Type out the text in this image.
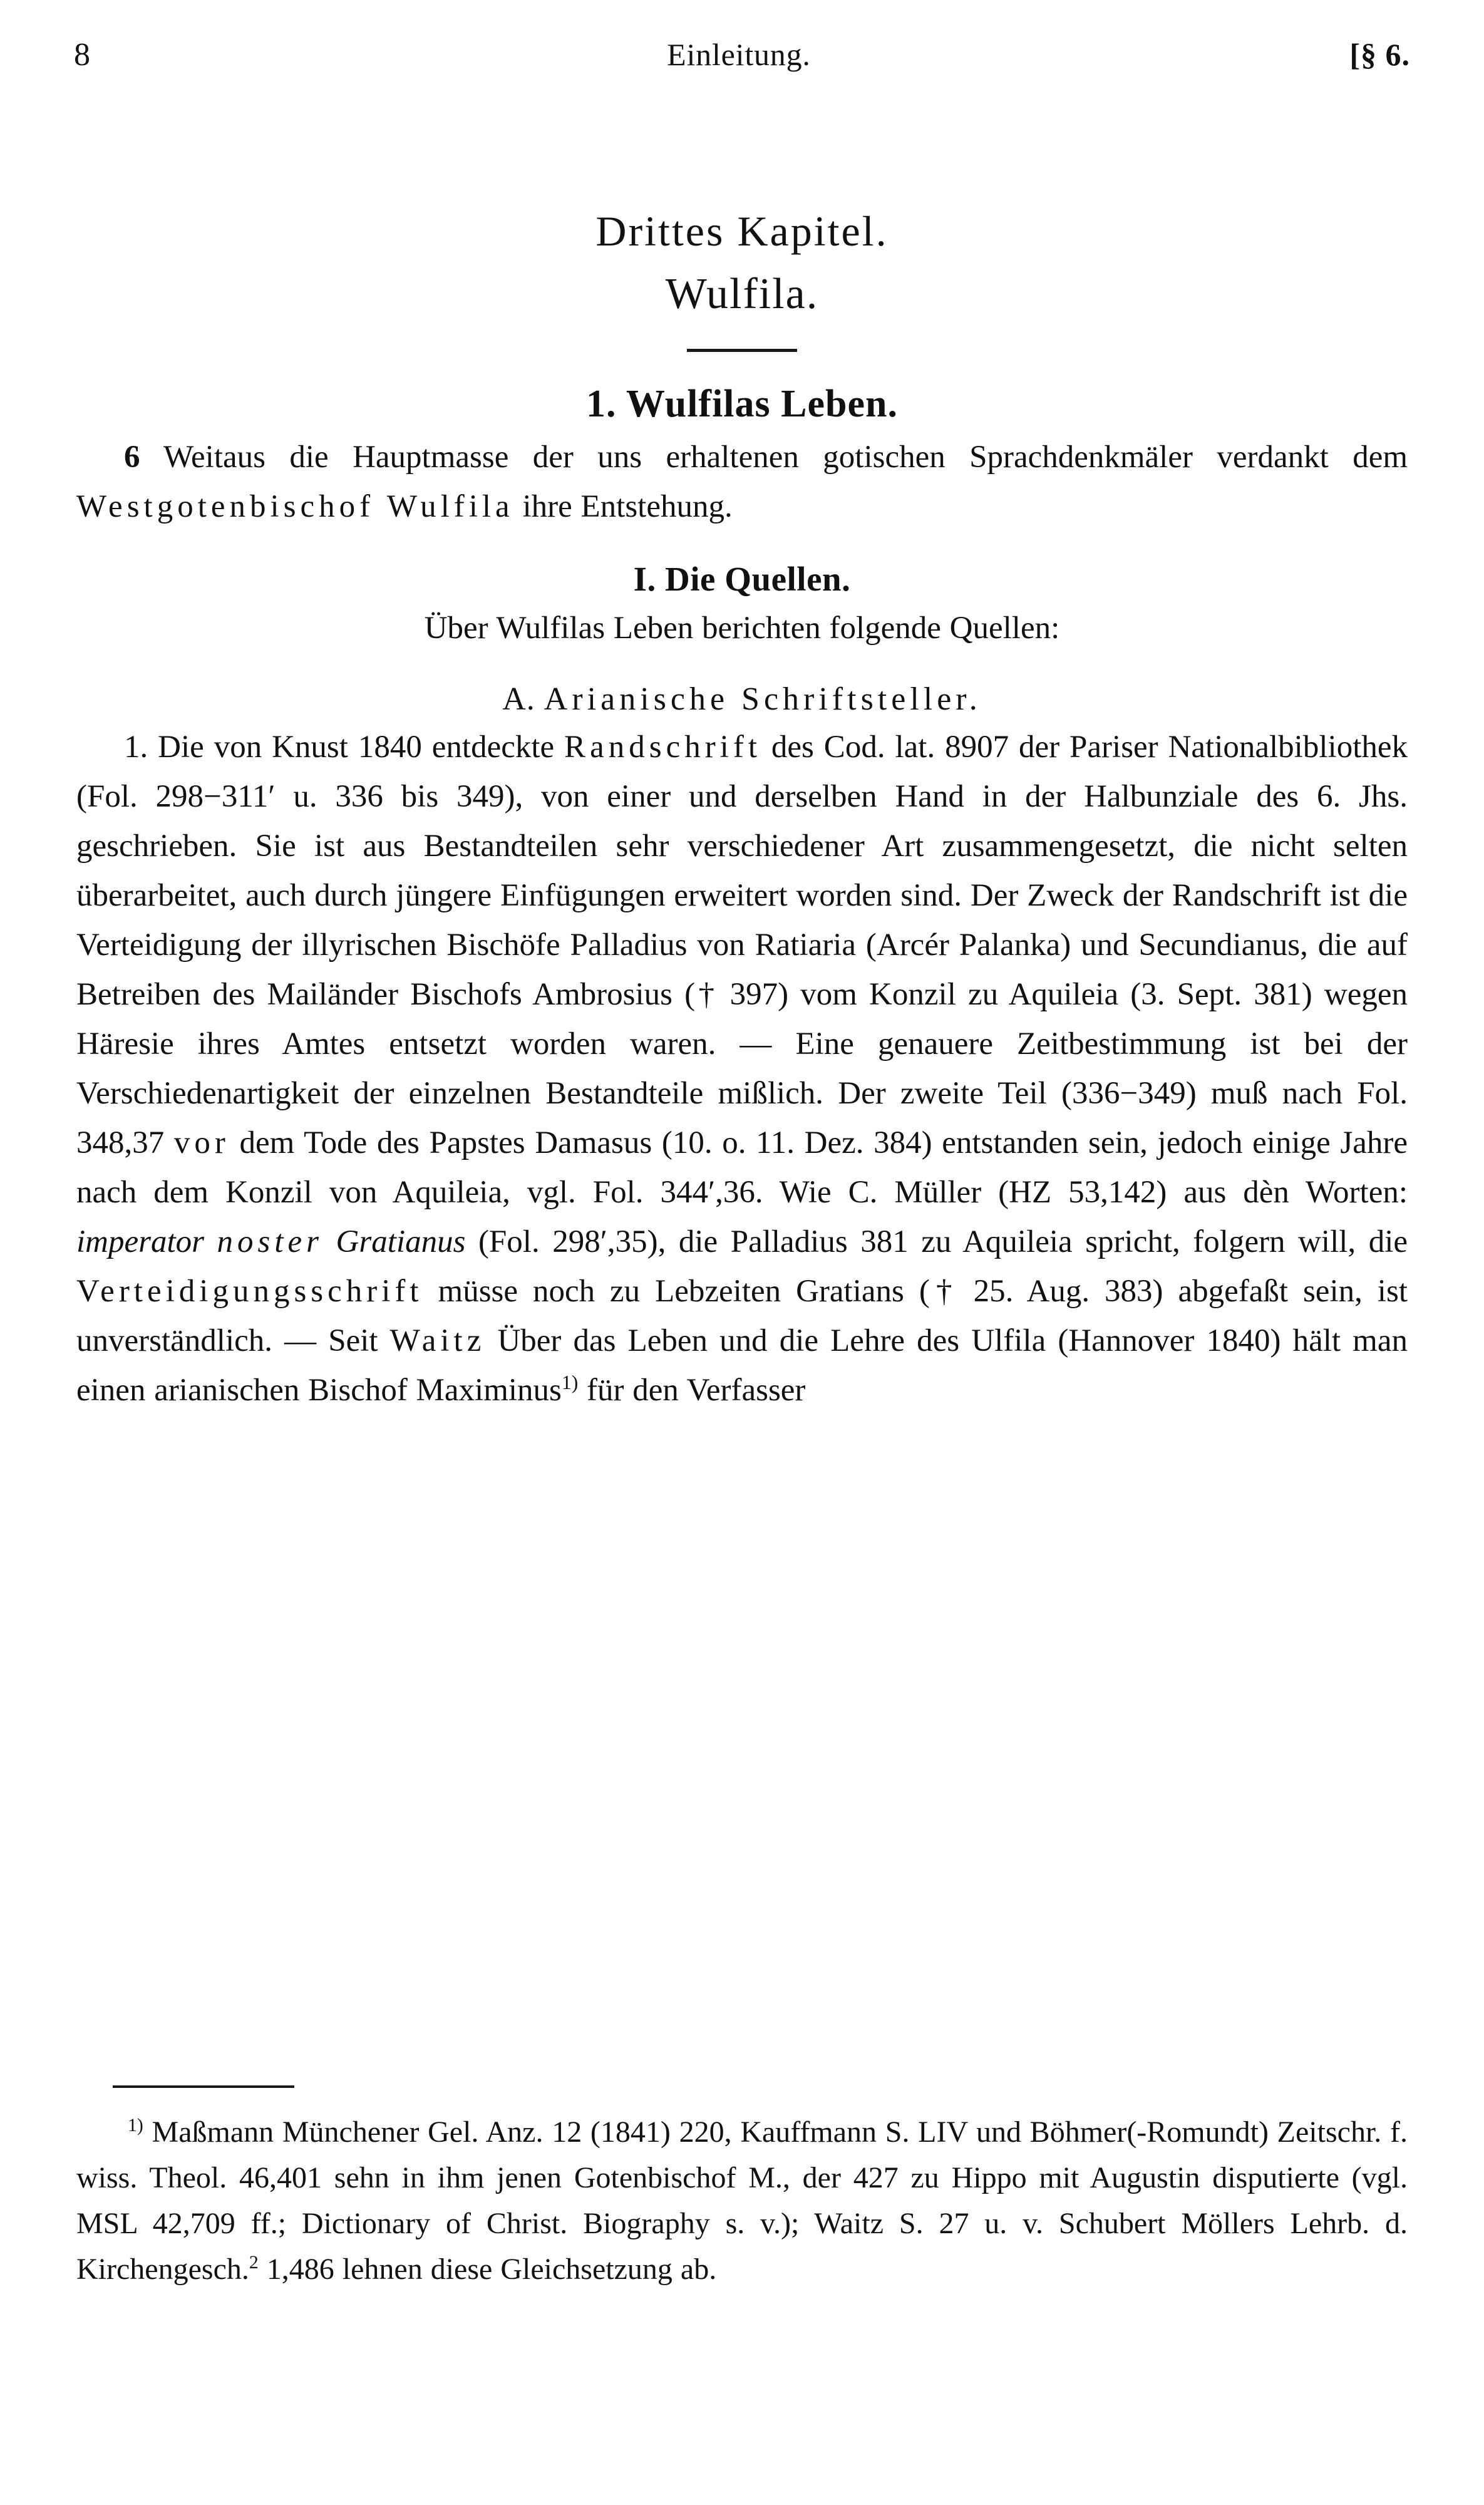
8	Einleitung.	[§ 6.
Drittes Kapitel.
Wulfila.
1. Wulfilas Leben.

6 Weitaus die Hauptmasse der uns erhaltenen gotischen Sprachdenkmäler verdankt dem Westgotenbischof Wulfila ihre Entstehung.

I. Die Quellen.

Über Wulfilas Leben berichten folgende Quellen:

A. Arianische Schriftsteller.

1. Die von Knust 1840 entdeckte Randschrift des Cod. lat. 8907 der Pariser Nationalbibliothek (Fol. 298−311′ u. 336 bis 349), von einer und derselben Hand in der Halbunziale des 6. Jhs. geschrieben. Sie ist aus Bestandteilen sehr verschiedener Art zusammengesetzt, die nicht selten überarbeitet, auch durch jüngere Einfügungen erweitert worden sind. Der Zweck der Randschrift ist die Verteidigung der illyrischen Bischöfe Palladius von Ratiaria (Arcér Palanka) und Secundianus, die auf Betreiben des Mailänder Bischofs Ambrosius († 397) vom Konzil zu Aquileia (3. Sept. 381) wegen Häresie ihres Amtes entsetzt worden waren. — Eine genauere Zeitbestimmung ist bei der Verschiedenartigkeit der einzelnen Bestandteile mißlich. Der zweite Teil (336−349) muß nach Fol. 348,37 vor dem Tode des Papstes Damasus (10. o. 11. Dez. 384) entstanden sein, jedoch einige Jahre nach dem Konzil von Aquileia, vgl. Fol. 344′,36. Wie C. Müller (HZ 53,142) aus dèn Worten: imperator noster Gratianus (Fol. 298′,35), die Palladius 381 zu Aquileia spricht, folgern will, die Verteidigungsschrift müsse noch zu Lebzeiten Gratians († 25. Aug. 383) abgefaßt sein, ist unverständlich. — Seit Waitz Über das Leben und die Lehre des Ulfila (Hannover 1840) hält man einen arianischen Bischof Maximinus$^{1)}$ für den Verfasser

$^{1)}$ Maßmann Münchener Gel. Anz. 12 (1841) 220, Kauffmann S. LIV und Böhmer(-Romundt) Zeitschr. f. wiss. Theol. 46,401 sehn in ihm jenen Gotenbischof M., der 427 zu Hippo mit Augustin disputierte (vgl. MSL 42,709 ff.; Dictionary of Christ. Biography s. v.); Waitz S. 27 u. v. Schubert Möllers Lehrb. d. Kirchengesch.$^2$ 1,486 lehnen diese Gleichsetzung ab.
